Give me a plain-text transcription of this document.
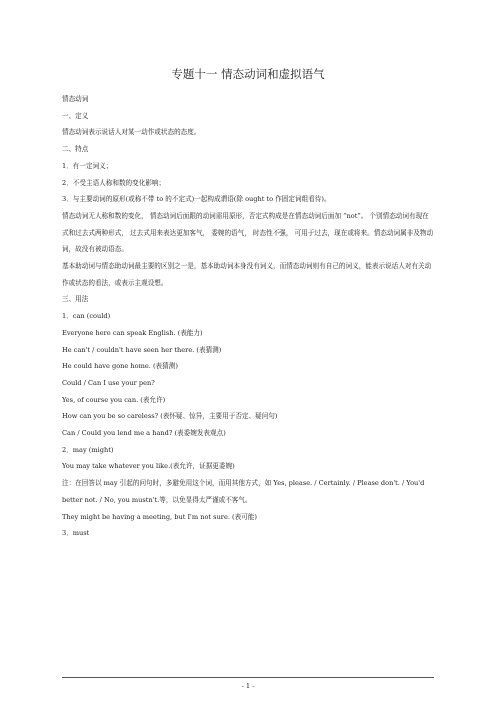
专题十一 情态动词和虚拟语气
情态动词
一、定义
情态动词表示说话人对某一动作或状态的态度。
二、特点
1．有一定词义；
2．不受主语人称和数的变化影响；
3．与主要动词的原形(或称不带 to 的不定式)一起构成谓语(除 ought to 作固定词组看待)。
情态动词无人称和数的变化， 情态动词后面跟的动词需用原形，否定式构成是在情态动词后面加 “not”。 个别情态动词有现在式和过去式两种形式， 过去式用来表达更加客气， 委婉的语气， 时态性不强， 可用于过去，现在或将来。情态动词属非及物动词，故没有被动语态。
基本助动词与情态助动词最主要的区别之一是，基本助动词本身没有词义，而情态动词则有自己的词义，能表示说话人对有关动作或状态的看法，或表示主观设想。
三、用法
1．can (could)
Everyone here can speak English. (表能力)
He can't / couldn't have seen her there. (表猜测)
He could have gone home. (表猜测)
Could / Can I use your pen?
Yes, of course you can. (表允许)
How can you be so careless? (表怀疑、惊异，主要用于否定、疑问句)
Can / Could you lend me a hand? (表委婉发表观点)
2．may (might)
You may take whatever you like.(表允许，证据更委婉)
注：在回答以 may 引起的问句时，多避免用这个词，而用其他方式，如 Yes, please. / Certainly. / Please don't. / You'd better not. / No, you mustn't.等，以免显得太严谨或不客气。
They might be having a meeting, but I'm not sure. (表可能)
3．must
- 1 -
